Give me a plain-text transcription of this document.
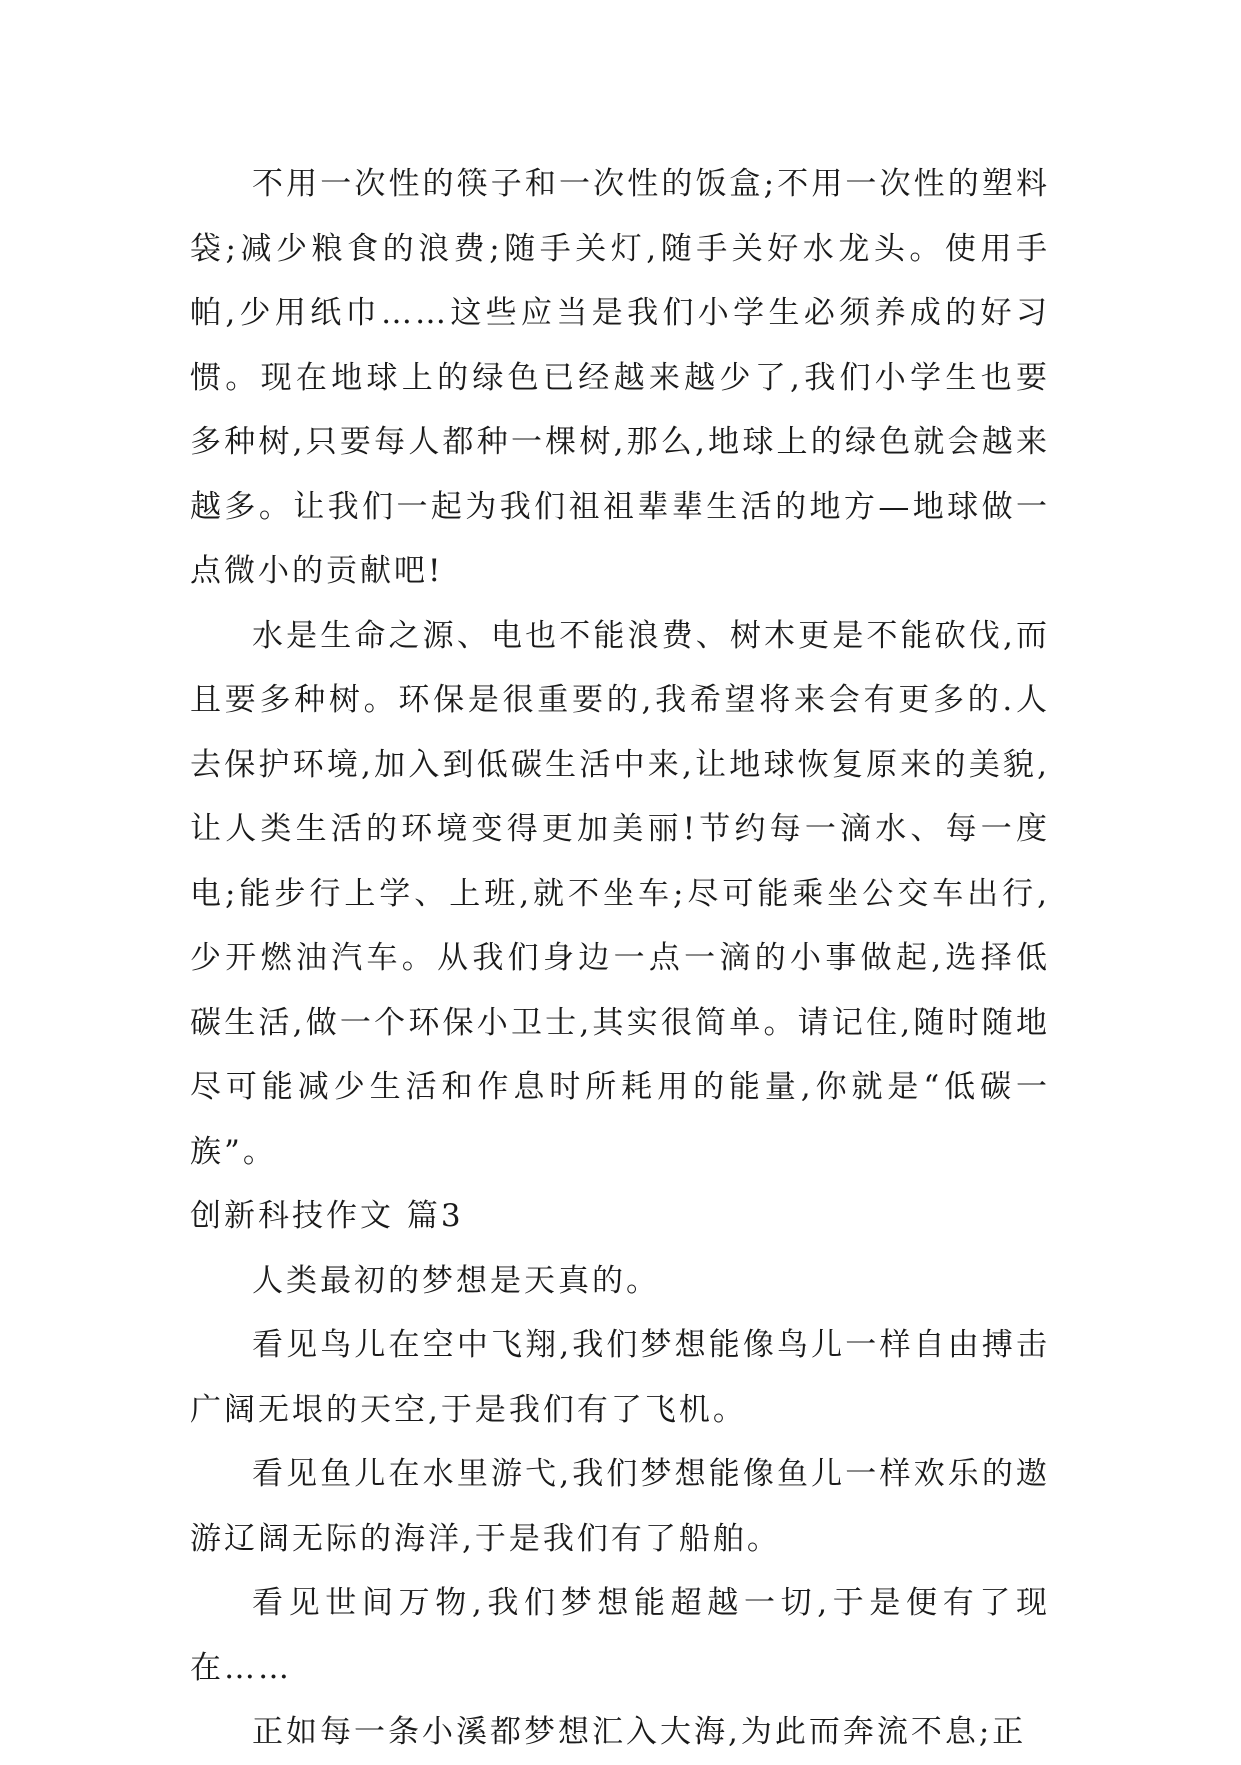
不用一次性的筷子和一次性的饭盒;不用一次性的塑料袋;减少粮食的浪费;随手关灯,随手关好水龙头。使用手帕,少用纸巾……这些应当是我们小学生必须养成的好习惯。现在地球上的绿色已经越来越少了,我们小学生也要多种树,只要每人都种一棵树,那么,地球上的绿色就会越来越多。让我们一起为我们祖祖辈辈生活的地方—地球做一点微小的贡献吧!

水是生命之源、电也不能浪费、树木更是不能砍伐,而且要多种树。环保是很重要的,我希望将来会有更多的.人去保护环境,加入到低碳生活中来,让地球恢复原来的美貌,让人类生活的环境变得更加美丽!节约每一滴水、每一度电;能步行上学、上班,就不坐车;尽可能乘坐公交车出行,少开燃油汽车。从我们身边一点一滴的小事做起,选择低碳生活,做一个环保小卫士,其实很简单。请记住,随时随地尽可能减少生活和作息时所耗用的能量,你就是“低碳一族”。

创新科技作文 篇3

人类最初的梦想是天真的。

看见鸟儿在空中飞翔,我们梦想能像鸟儿一样自由搏击广阔无垠的天空,于是我们有了飞机。

看见鱼儿在水里游弋,我们梦想能像鱼儿一样欢乐的遨游辽阔无际的海洋,于是我们有了船舶。

看见世间万物,我们梦想能超越一切,于是便有了现在……

正如每一条小溪都梦想汇入大海,为此而奔流不息;正
